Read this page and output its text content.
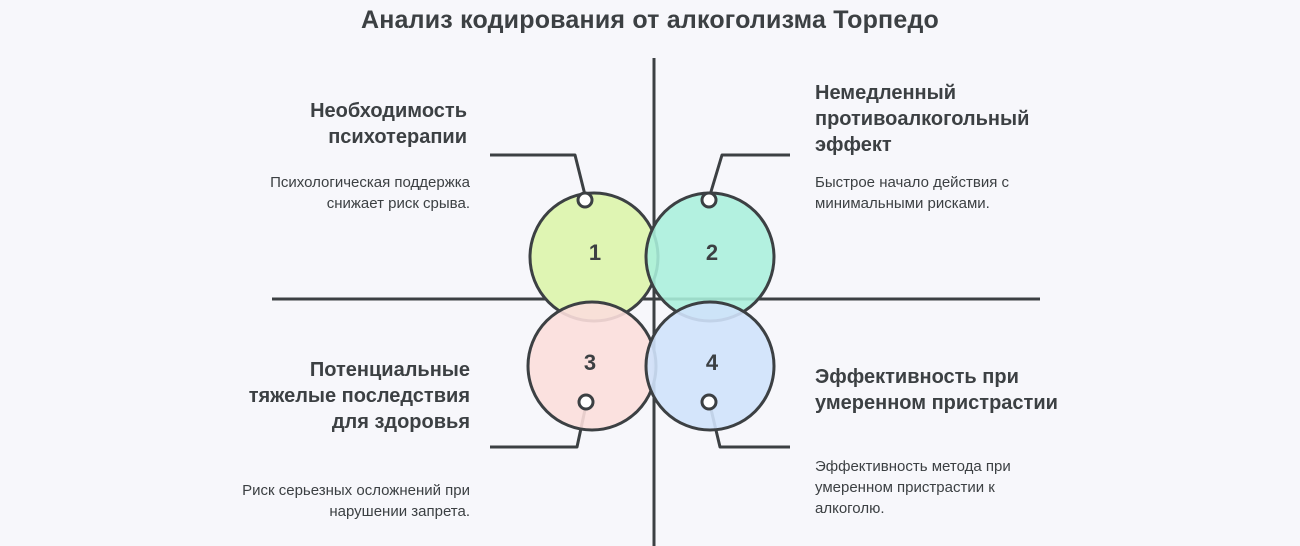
Анализ кодирования от алкоголизма Торпедо
1	2
3	4
Необходимость психотерапии
Психологическая поддержка снижает риск срыва.
Немедленный противоалкогольный эффект
Быстрое начало действия с минимальными рисками.
Потенциальные тяжелые последствия для здоровья
Риск серьезных осложнений при нарушении запрета.
Эффективность при умеренном пристрастии
Эффективность метода при умеренном пристрастии к алкоголю.
